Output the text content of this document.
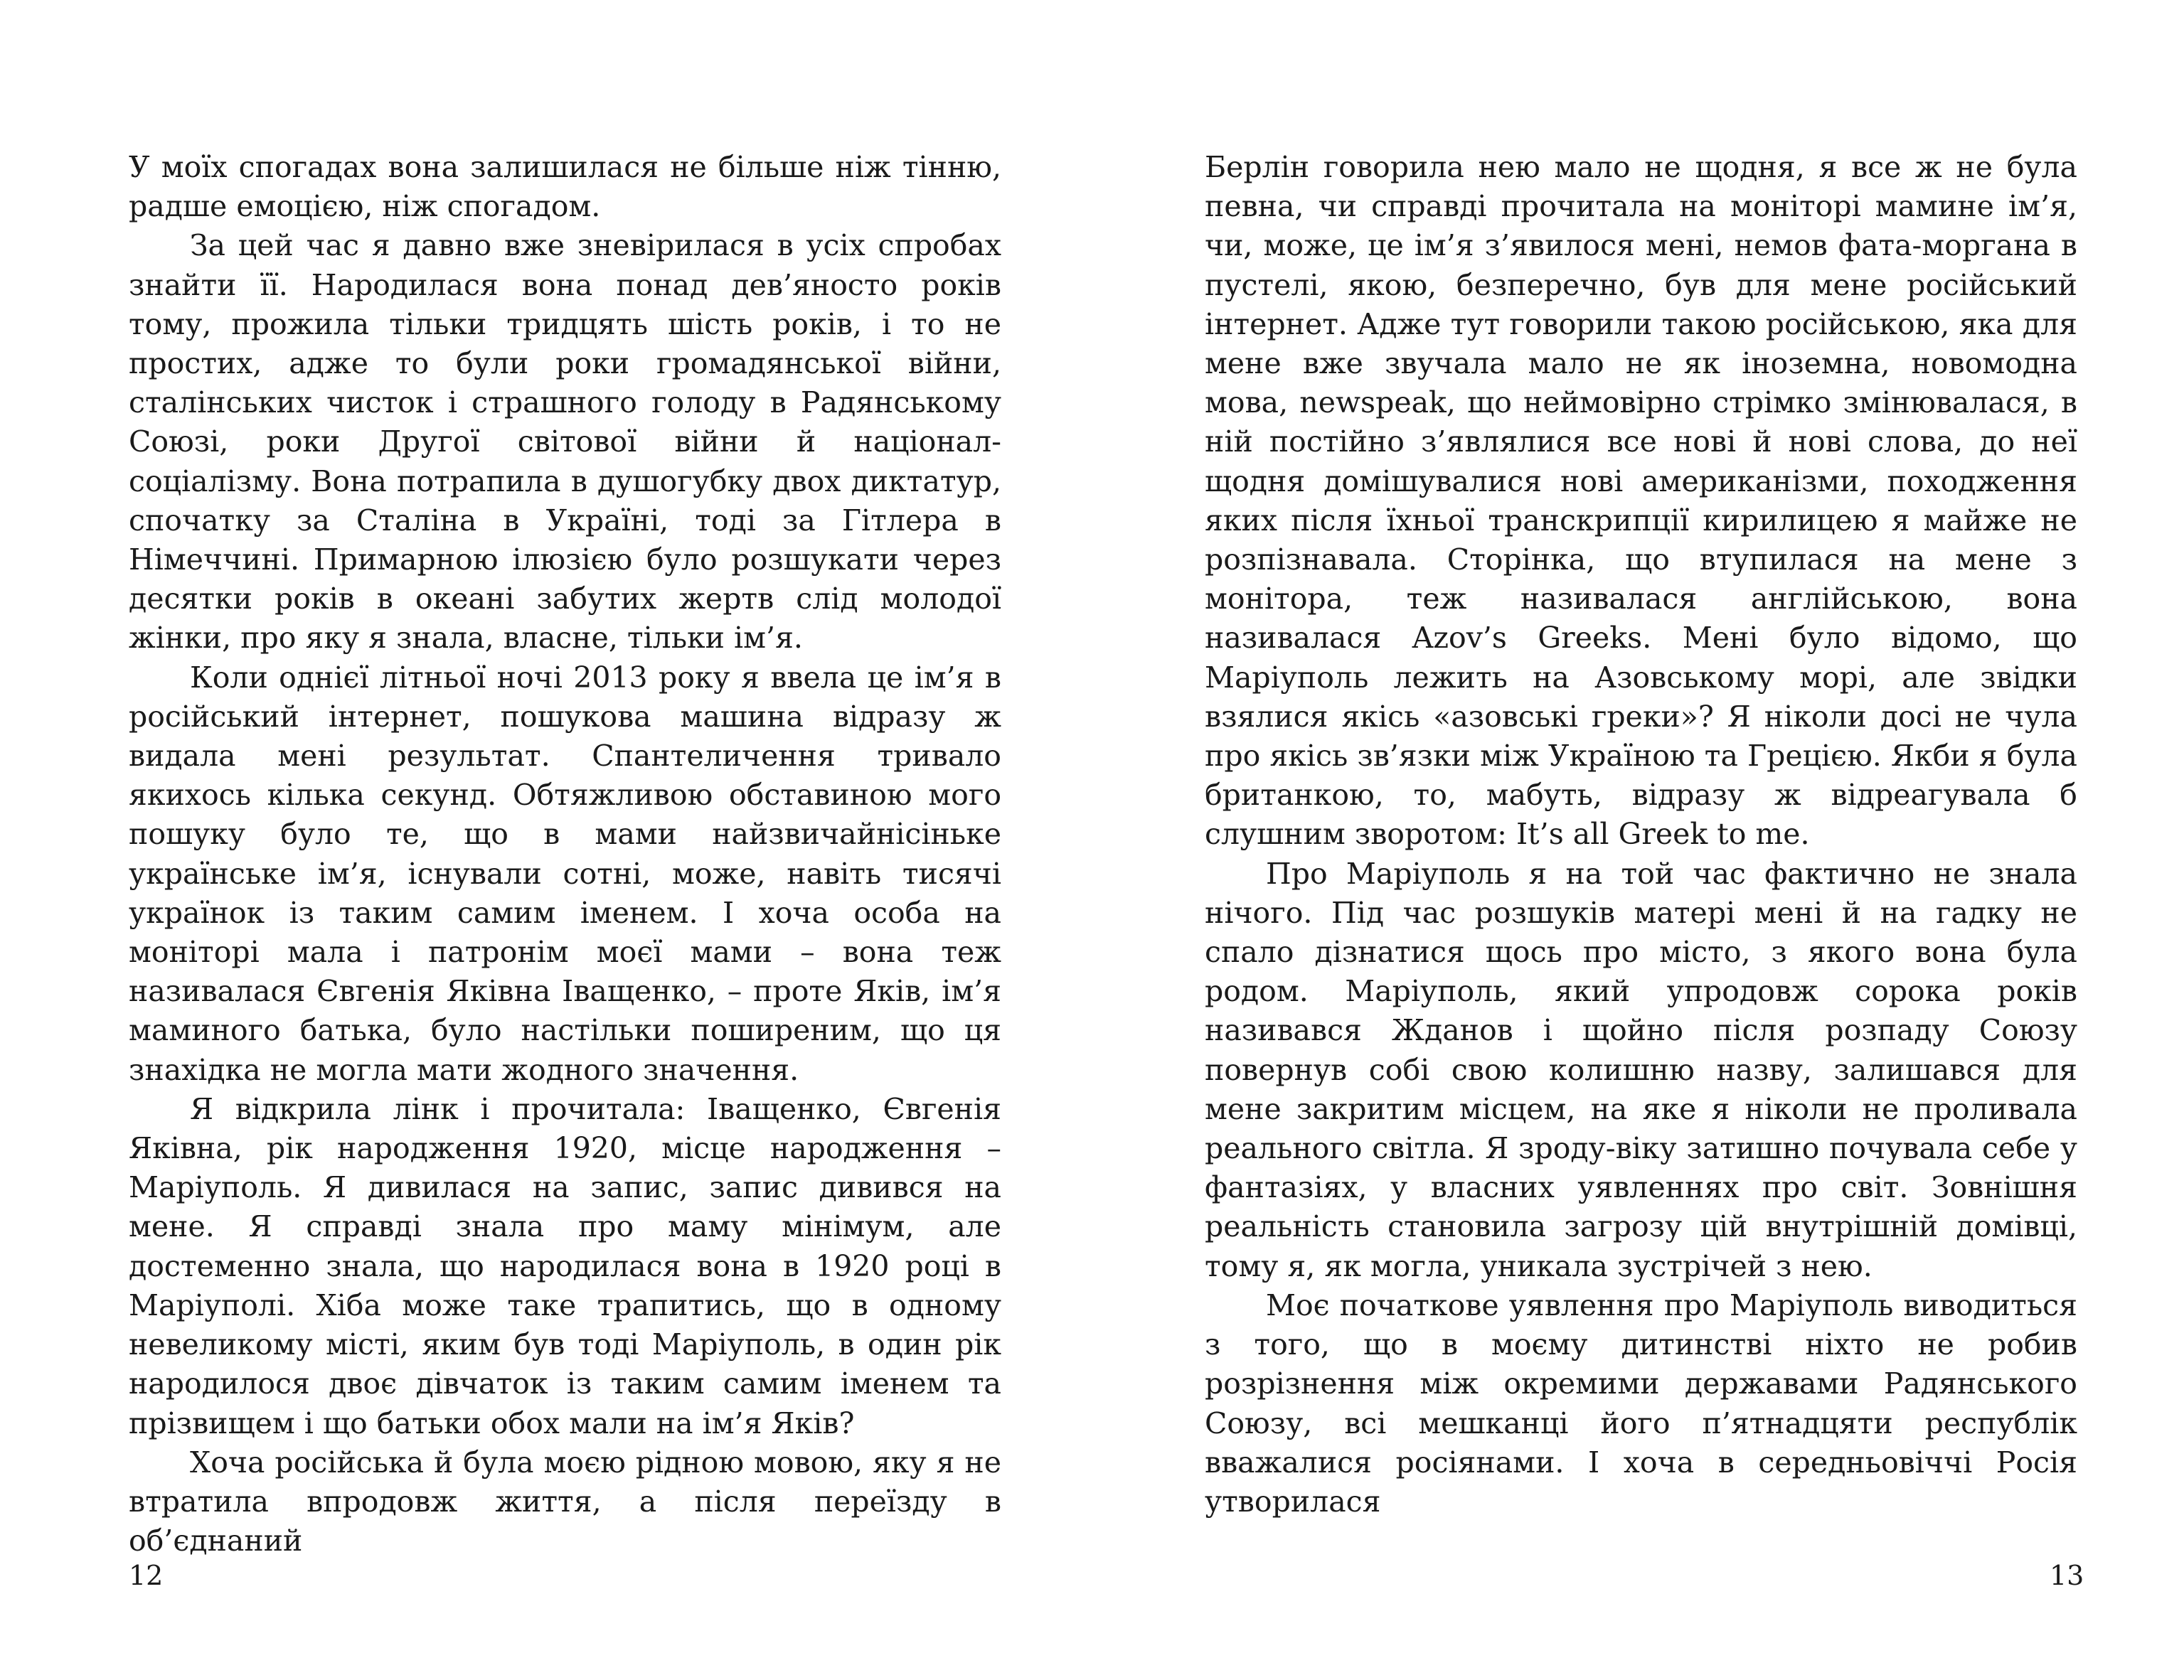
У моїх спогадах вона залишилася не більше ніж тінню, радше емоцією, ніж спогадом.

За цей час я давно вже зневірилася в усіх спробах знайти її. Народилася вона понад дев’яносто років тому, прожила тільки тридцять шість років, і то не простих, адже то були роки громадянської війни, сталінських чисток і страшного голоду в Радянському Союзі, роки Другої світової війни й націонал-соціалізму. Вона потрапила в душогубку двох диктатур, спочатку за Сталіна в Україні, тоді за Гітлера в Німеччині. Примарною ілюзією було розшукати через десятки років в океані забутих жертв слід молодої жінки, про яку я знала, власне, тільки ім’я.

Коли однієї літньої ночі 2013 року я ввела це ім’я в російський інтернет, пошукова машина відразу ж видала мені результат. Спантеличення тривало якихось кілька секунд. Обтяжливою обставиною мого пошуку було те, що в мами найзвичайнісіньке українське ім’я, існували сотні, може, навіть тисячі українок із таким самим іменем. І хоча особа на моніторі мала і патронім моєї мами – вона теж називалася Євгенія Яківна Іващенко, – проте Яків, ім’я маминого батька, було настільки поширеним, що ця знахідка не могла мати жодного значення.

Я відкрила лінк і прочитала: Іващенко, Євгенія Яківна, рік народження 1920, місце народження – Маріуполь. Я дивилася на запис, запис дивився на мене. Я справді знала про маму мінімум, але достеменно знала, що народилася вона в 1920 році в Маріуполі. Хіба може таке трапитись, що в одному невеликому місті, яким був тоді Маріуполь, в один рік народилося двоє дівчаток із таким самим іменем та прізвищем і що батьки обох мали на ім’я Яків?

Хоча російська й була моєю рідною мовою, яку я не втратила впродовж життя, а після переїзду в об’єднаний

12

Берлін говорила нею мало не щодня, я все ж не була певна, чи справді прочитала на моніторі мамине ім’я, чи, може, це ім’я з’явилося мені, немов фата-моргана в пустелі, якою, безперечно, був для мене російський інтернет. Адже тут говорили такою російською, яка для мене вже звучала мало не як іноземна, новомодна мова, newspeak, що неймовірно стрімко змінювалася, в ній постійно з’являлися все нові й нові слова, до неї щодня домішувалися нові американізми, походження яких після їхньої транскрипції кирилицею я майже не розпізнавала. Сторінка, що втупилася на мене з монітора, теж називалася англійською, вона називалася Azov’s Greeks. Мені було відомо, що Маріуполь лежить на Азовському морі, але звідки взялися якісь «азовські греки»? Я ніколи досі не чула про якісь зв’язки між Україною та Грецією. Якби я була британкою, то, мабуть, відразу ж відреагувала б слушним зворотом: It’s all Greek to me.

Про Маріуполь я на той час фактично не знала нічого. Під час розшуків матері мені й на гадку не спало дізнатися щось про місто, з якого вона була родом. Маріуполь, який упродовж сорока років називався Жданов і щойно після розпаду Союзу повернув собі свою колишню назву, залишався для мене закритим місцем, на яке я ніколи не проливала реального світла. Я зроду-віку затишно почувала себе у фантазіях, у власних уявленнях про світ. Зовнішня реальність становила загрозу цій внутрішній домівці, тому я, як могла, уникала зустрічей з нею.

Моє початкове уявлення про Маріуполь виводиться з того, що в моєму дитинстві ніхто не робив розрізнення між окремими державами Радянського Союзу, всі мешканці його п’ятнадцяти республік вважалися росіянами. І хоча в середньовіччі Росія утворилася

13
